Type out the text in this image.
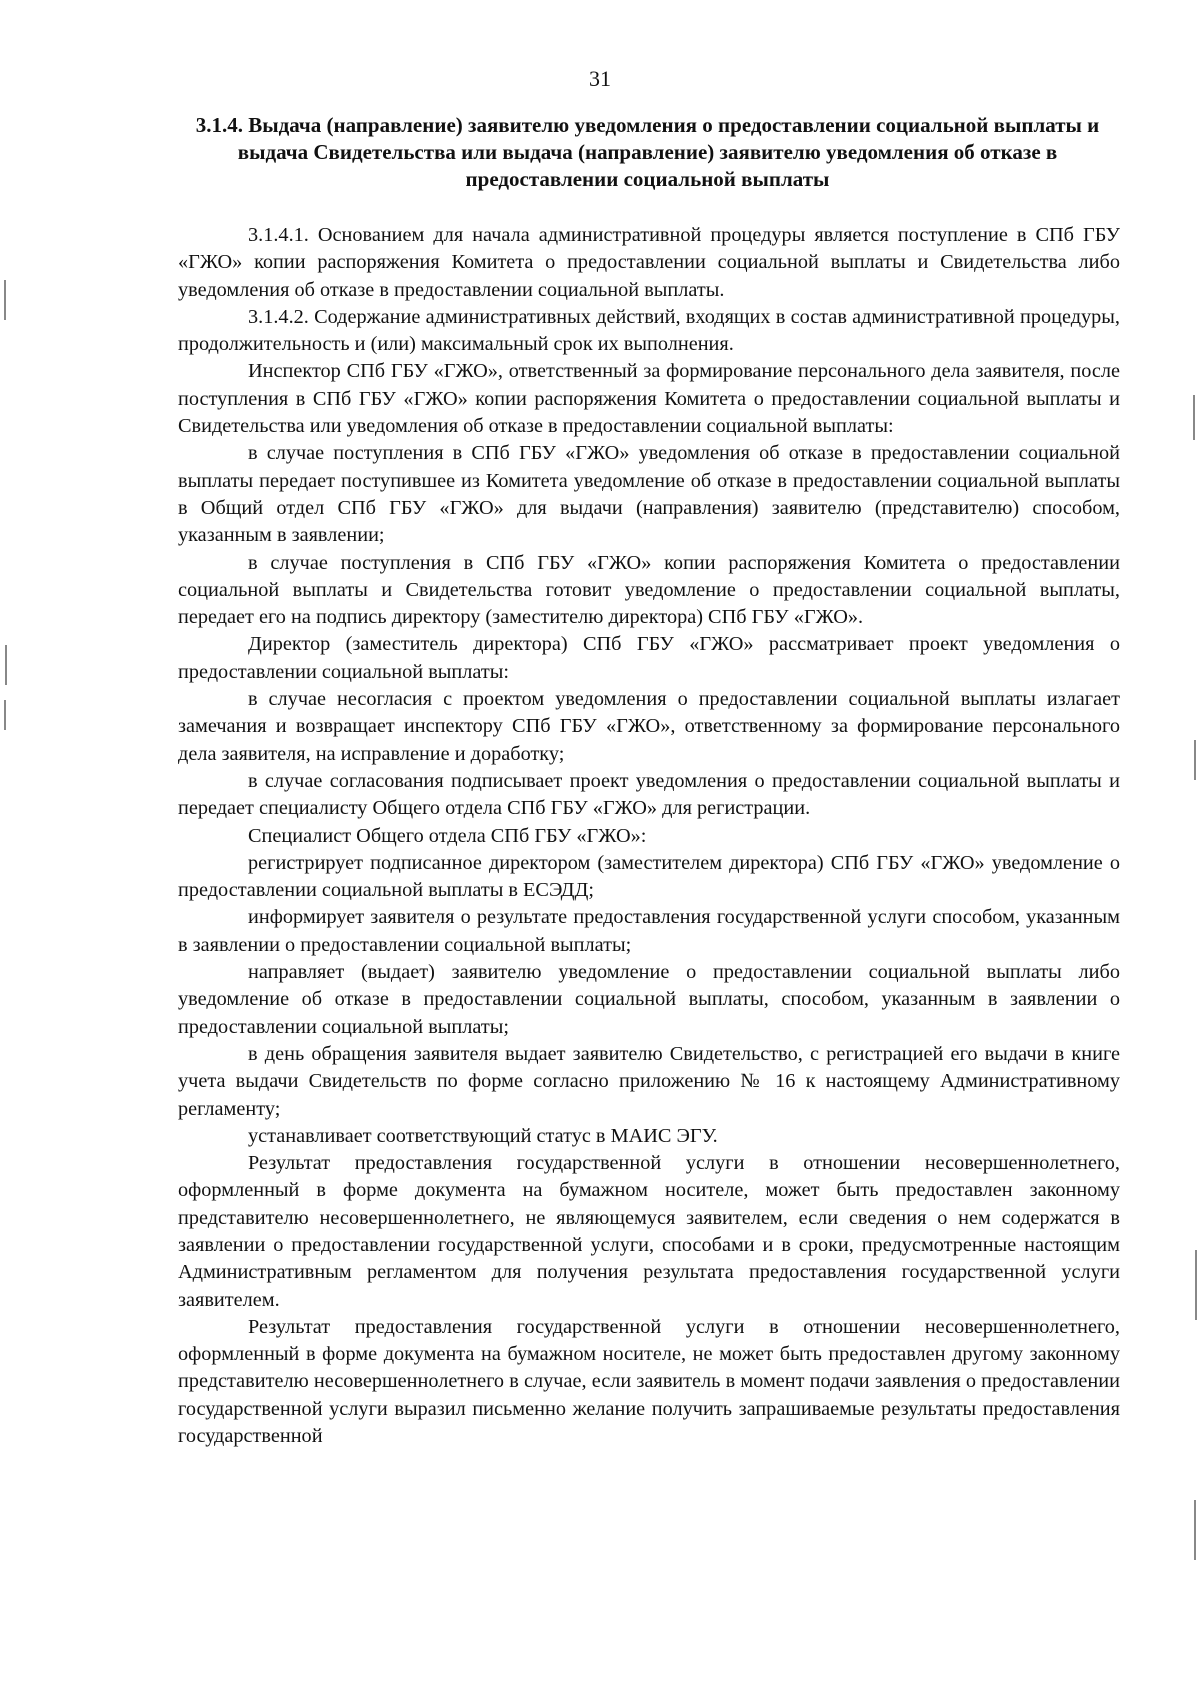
31
3.1.4. Выдача (направление) заявителю уведомления о предоставлении социальной выплаты и выдача Свидетельства или выдача (направление) заявителю уведомления об отказе в предоставлении социальной выплаты

3.1.4.1. Основанием для начала административной процедуры является поступление в СПб ГБУ «ГЖО» копии распоряжения Комитета о предоставлении социальной выплаты и Свидетельства либо уведомления об отказе в предоставлении социальной выплаты.

3.1.4.2. Содержание административных действий, входящих в состав административной процедуры, продолжительность и (или) максимальный срок их выполнения.

Инспектор СПб ГБУ «ГЖО», ответственный за формирование персонального дела заявителя, после поступления в СПб ГБУ «ГЖО» копии распоряжения Комитета о предоставлении социальной выплаты и Свидетельства или уведомления об отказе в предоставлении социальной выплаты:

в случае поступления в СПб ГБУ «ГЖО» уведомления об отказе в предоставлении социальной выплаты передает поступившее из Комитета уведомление об отказе в предоставлении социальной выплаты в Общий отдел СПб ГБУ «ГЖО» для выдачи (направления) заявителю (представителю) способом, указанным в заявлении;

в случае поступления в СПб ГБУ «ГЖО» копии распоряжения Комитета о предоставлении социальной выплаты и Свидетельства готовит уведомление о предоставлении социальной выплаты, передает его на подпись директору (заместителю директора) СПб ГБУ «ГЖО».

Директор (заместитель директора) СПб ГБУ «ГЖО» рассматривает проект уведомления о предоставлении социальной выплаты:

в случае несогласия с проектом уведомления о предоставлении социальной выплаты излагает замечания и возвращает инспектору СПб ГБУ «ГЖО», ответственному за формирование персонального дела заявителя, на исправление и доработку;

в случае согласования подписывает проект уведомления о предоставлении социальной выплаты и передает специалисту Общего отдела СПб ГБУ «ГЖО» для регистрации.

Специалист Общего отдела СПб ГБУ «ГЖО»:

регистрирует подписанное директором (заместителем директора) СПб ГБУ «ГЖО» уведомление о предоставлении социальной выплаты в ЕСЭДД;

информирует заявителя о результате предоставления государственной услуги способом, указанным в заявлении о предоставлении социальной выплаты;

направляет (выдает) заявителю уведомление о предоставлении социальной выплаты либо уведомление об отказе в предоставлении социальной выплаты, способом, указанным в заявлении о предоставлении социальной выплаты;

в день обращения заявителя выдает заявителю Свидетельство, с регистрацией его выдачи в книге учета выдачи Свидетельств по форме согласно приложению № 16 к настоящему Административному регламенту;

устанавливает соответствующий статус в МАИС ЭГУ.

Результат предоставления государственной услуги в отношении несовершеннолетнего, оформленный в форме документа на бумажном носителе, может быть предоставлен законному представителю несовершеннолетнего, не являющемуся заявителем, если сведения о нем содержатся в заявлении о предоставлении государственной услуги, способами и в сроки, предусмотренные настоящим Административным регламентом для получения результата предоставления государственной услуги заявителем.

Результат предоставления государственной услуги в отношении несовершеннолетнего, оформленный в форме документа на бумажном носителе, не может быть предоставлен другому законному представителю несовершеннолетнего в случае, если заявитель в момент подачи заявления о предоставлении государственной услуги выразил письменно желание получить запрашиваемые результаты предоставления государственной
